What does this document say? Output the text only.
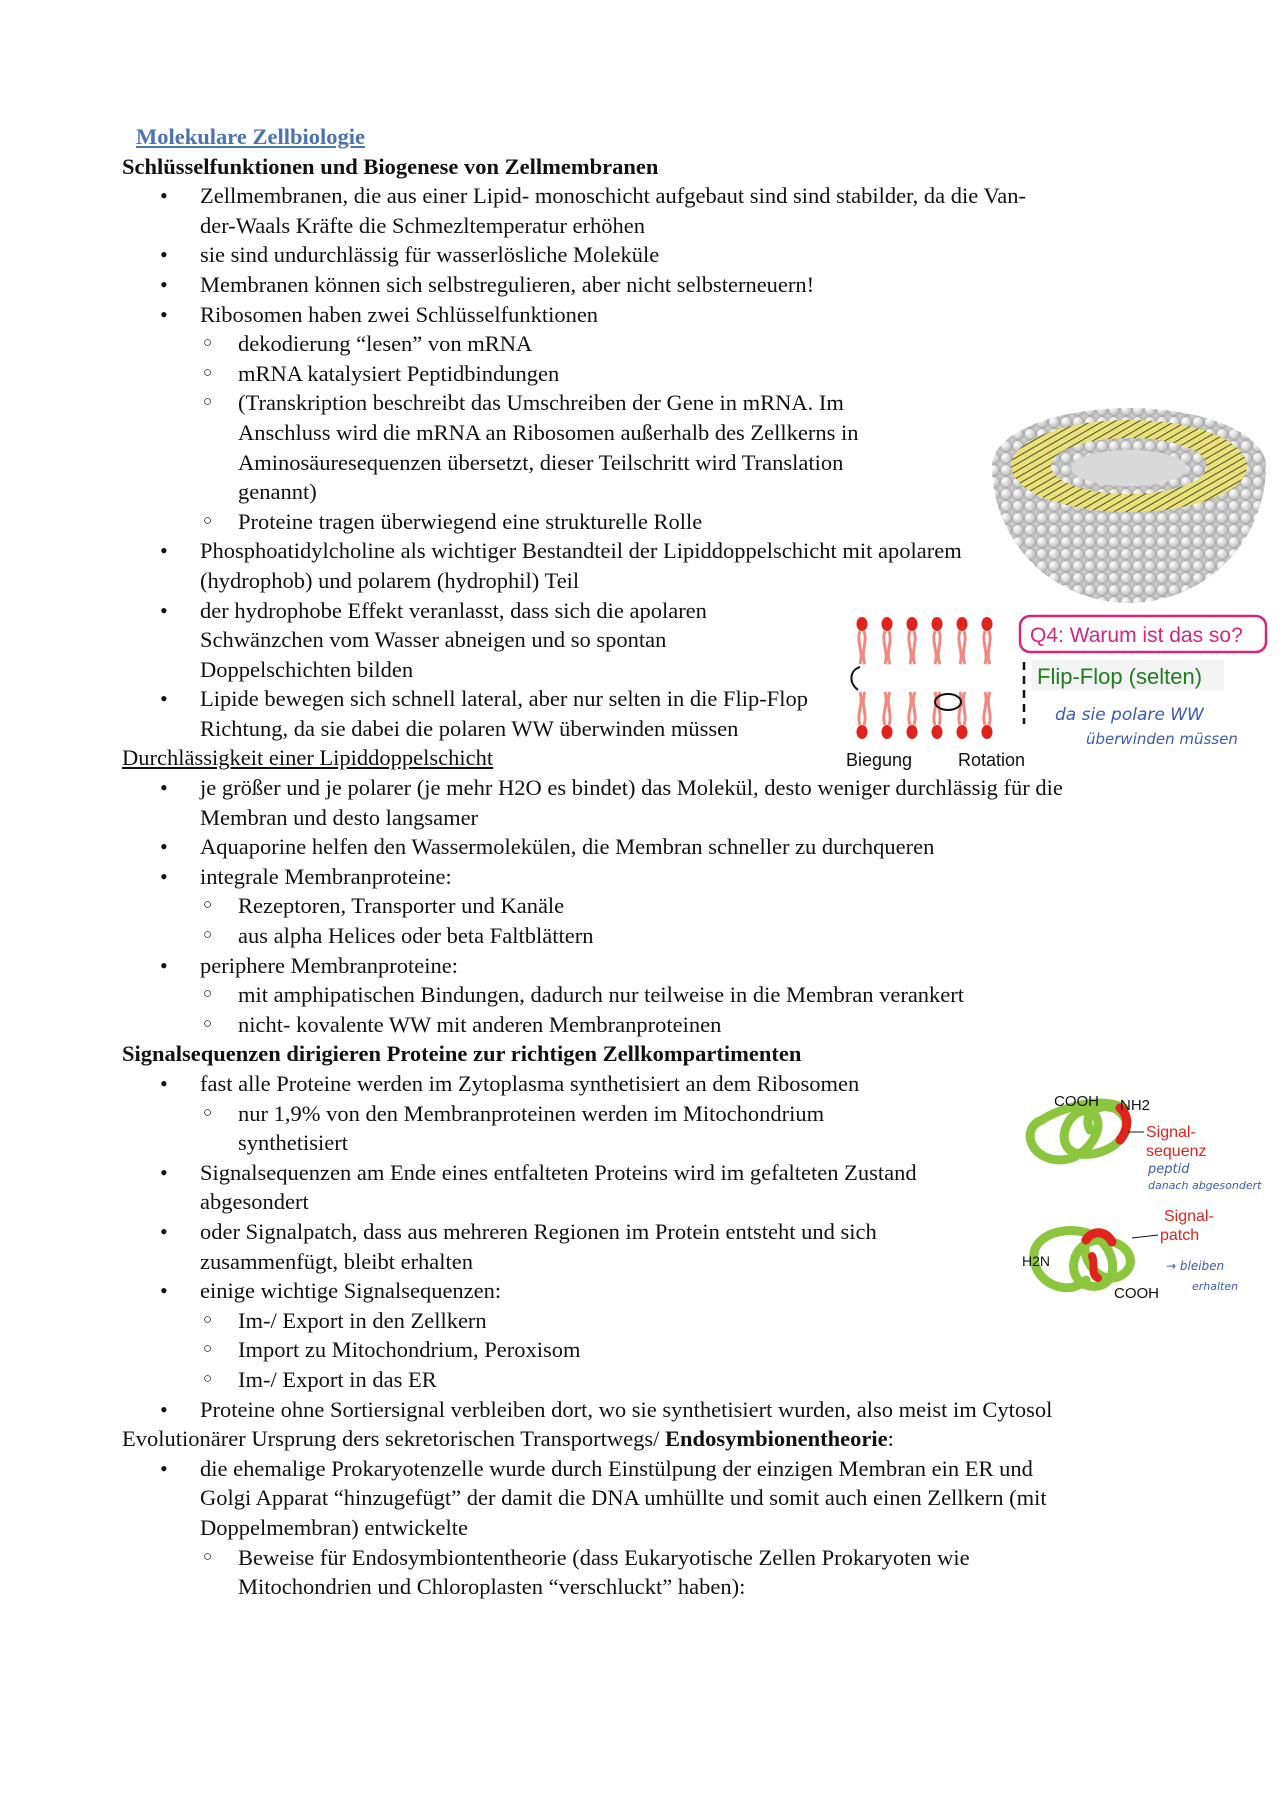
Molekulare Zellbiologie
Schlüsselfunktionen und Biogenese von Zellmembranen
• Zellmembranen, die aus einer Lipid- monoschicht aufgebaut sind sind stabilder, da die Van-der-Waals Kräfte die Schmezltemperatur erhöhen
• sie sind undurchlässig für wasserlösliche Moleküle
• Membranen können sich selbstregulieren, aber nicht selbsterneuern!
• Ribosomen haben zwei Schlüsselfunktionen
○ dekodierung “lesen” von mRNA
○ mRNA katalysiert Peptidbindungen
○ (Transkription beschreibt das Umschreiben der Gene in mRNA. Im Anschluss wird die mRNA an Ribosomen außerhalb des Zellkerns in Aminosäuresequenzen übersetzt, dieser Teilschritt wird Translation genannt)
○ Proteine tragen überwiegend eine strukturelle Rolle
• Phosphoatidylcholine als wichtiger Bestandteil der Lipiddoppelschicht mit apolarem (hydrophob) und polarem (hydrophil) Teil
• der hydrophobe Effekt veranlasst, dass sich die apolaren Schwänzchen vom Wasser abneigen und so spontan Doppelschichten bilden
• Lipide bewegen sich schnell lateral, aber nur selten in die Flip-Flop Richtung, da sie dabei die polaren WW überwinden müssen
Durchlässigkeit einer Lipiddoppelschicht
• je größer und je polarer (je mehr H2O es bindet) das Molekül, desto weniger durchlässig für die Membran und desto langsamer
• Aquaporine helfen den Wassermolekülen, die Membran schneller zu durchqueren
• integrale Membranproteine:
○ Rezeptoren, Transporter und Kanäle
○ aus alpha Helices oder beta Faltblättern
• periphere Membranproteine:
○ mit amphipatischen Bindungen, dadurch nur teilweise in die Membran verankert
○ nicht- kovalente WW mit anderen Membranproteinen
Signalsequenzen dirigieren Proteine zur richtigen Zellkompartimenten
• fast alle Proteine werden im Zytoplasma synthetisiert an dem Ribosomen
○ nur 1,9% von den Membranproteinen werden im Mitochondrium synthetisiert
• Signalsequenzen am Ende eines entfalteten Proteins wird im gefalteten Zustand abgesondert
• oder Signalpatch, dass aus mehreren Regionen im Protein entsteht und sich zusammenfügt, bleibt erhalten
• einige wichtige Signalsequenzen:
○ Im-/ Export in den Zellkern
○ Import zu Mitochondrium, Peroxisom
○ Im-/ Export in das ER
• Proteine ohne Sortiersignal verbleiben dort, wo sie synthetisiert wurden, also meist im Cytosol
Evolutionärer Ursprung ders sekretorischen Transportwegs/ Endosymbionentheorie:
• die ehemalige Prokaryotenzelle wurde durch Einstülpung der einzigen Membran ein ER und Golgi Apparat “hinzugefügt” der damit die DNA umhüllte und somit auch einen Zellkern (mit Doppelmembran) entwickelte
○ Beweise für Endosymbiontentheorie (dass Eukaryotische Zellen Prokaryoten wie Mitochondrien und Chloroplasten “verschluckt” haben):
Q4: Warum ist das so?
Flip-Flop (selten)
da sie polare WW
überwinden müssen
Biegung	Rotation
COOH NH2
Signal-
sequenz
peptid
danach abgesondert
Signal-
patch
H2N
COOH
→ bleiben
erhalten
